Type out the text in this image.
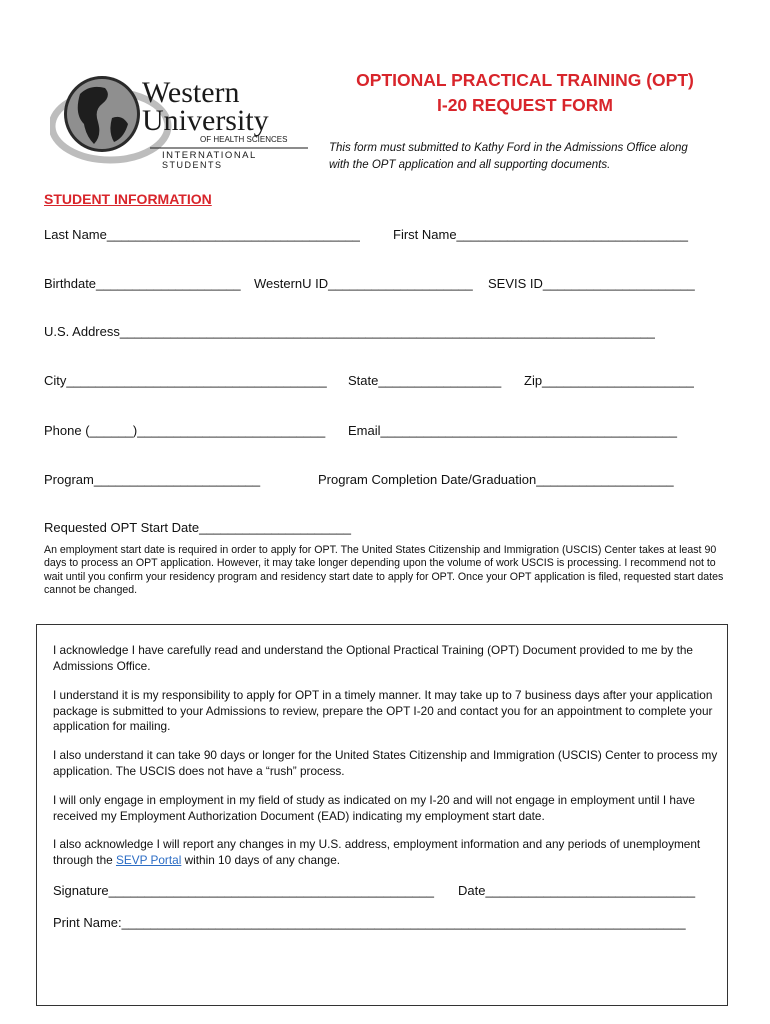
Western
University
OF HEALTH SCIENCES
INTERNATIONAL
STUDENTS
OPTIONAL PRACTICAL TRAINING (OPT)
I-20 REQUEST FORM
This form must submitted to Kathy Ford in the Admissions Office along
with the OPT application and all supporting documents.
STUDENT INFORMATION
Last Name___________________________________	First Name________________________________
Birthdate____________________ WesternU ID____________________ SEVIS ID_____________________
U.S. Address__________________________________________________________________________
City____________________________________ State_________________ Zip_____________________
Phone (______)__________________________ Email_________________________________________
Program_______________________	Program Completion Date/Graduation___________________
Requested OPT Start Date_____________________
An employment start date is required in order to apply for OPT. The United States Citizenship and Immigration (USCIS) Center takes at least 90 days to process an OPT application. However, it may take longer depending upon the volume of work USCIS is processing. I recommend not to wait until you confirm your residency program and residency start date to apply for OPT. Once your OPT application is filed, requested start dates cannot be changed.
I acknowledge I have carefully read and understand the Optional Practical Training (OPT) Document provided to me by the Admissions Office.
I understand it is my responsibility to apply for OPT in a timely manner. It may take up to 7 business days after your application package is submitted to your Admissions to review, prepare the OPT I-20 and contact you for an appointment to complete your application for mailing.
I also understand it can take 90 days or longer for the United States Citizenship and Immigration (USCIS) Center to process my application. The USCIS does not have a “rush” process.
I will only engage in employment in my field of study as indicated on my I-20 and will not engage in employment until I have received my Employment Authorization Document (EAD) indicating my employment start date.
I also acknowledge I will report any changes in my U.S. address, employment information and any periods of unemployment through the SEVP Portal within 10 days of any change.
Signature_____________________________________________ Date_____________________________
Print Name:______________________________________________________________________________
